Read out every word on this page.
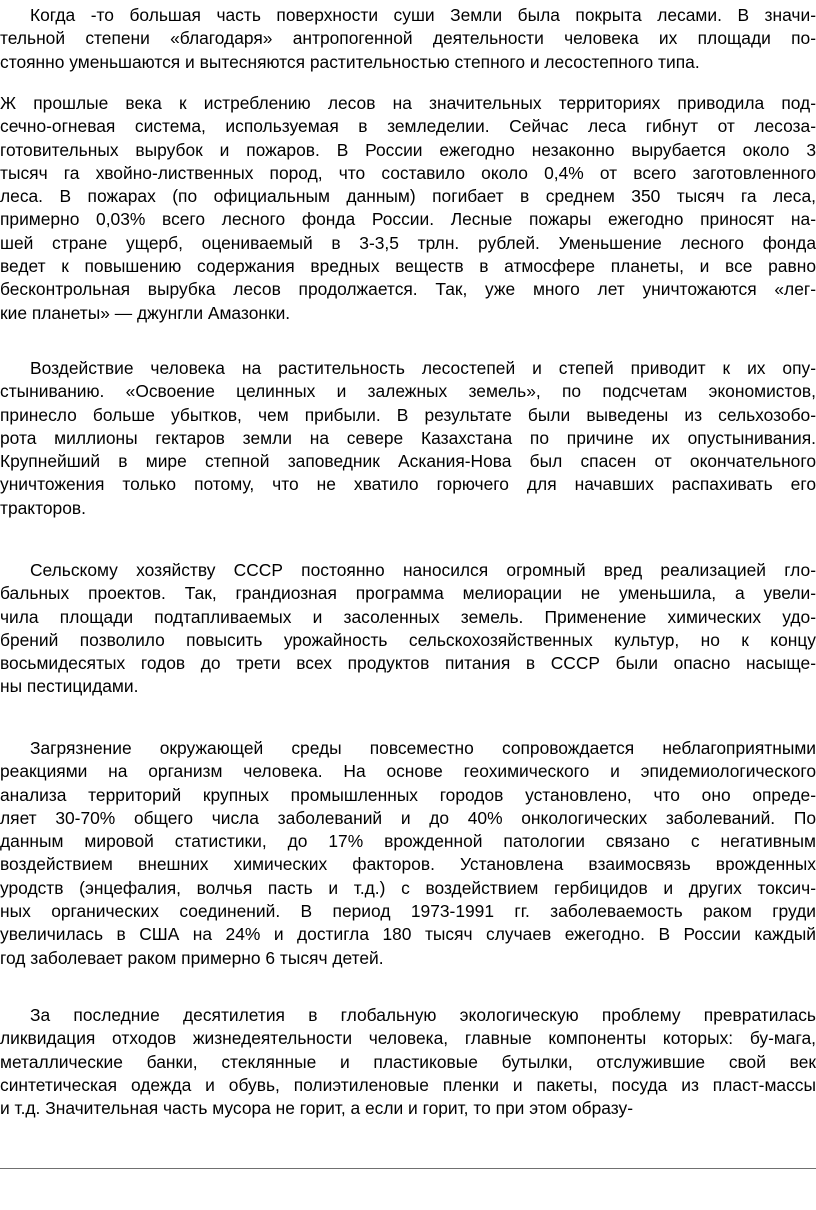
Когда -то большая часть поверхности суши Земли была покрыта лесами. В значи-
тельной степени «благодаря» антропогенной деятельности человека их площади по-
стоянно уменьшаются и вытесняются растительностью степного и лесостепного типа.
Ж прошлые века к истреблению лесов на значительных территориях приводила под-
сечно-огневая система, используемая в земледелии. Сейчас леса гибнут от лесоза-
готовительных вырубок и пожаров. В России ежегодно незаконно вырубается около 3
тысяч га хвойно-лиственных пород, что составило около 0,4% от всего заготовленного
леса. В пожарах (по официальным данным) погибает в среднем 350 тысяч га леса,
примерно 0,03% всего лесного фонда России. Лесные пожары ежегодно приносят на-
шей стране ущерб, оцениваемый в 3-3,5 трлн. рублей. Уменьшение лесного фонда
ведет к повышению содержания вредных веществ в атмосфере планеты, и все равно
бесконтрольная вырубка лесов продолжается. Так, уже много лет уничтожаются «лег-
кие планеты» — джунгли Амазонки.
Воздействие человека на растительность лесостепей и степей приводит к их опу-
стыниванию. «Освоение целинных и залежных земель», по подсчетам экономистов,
принесло больше убытков, чем прибыли. В результате были выведены из сельхозобо-
рота миллионы гектаров земли на севере Казахстана по причине их опустынивания.
Крупнейший в мире степной заповедник Аскания-Нова был спасен от окончательного
уничтожения только потому, что не хватило горючего для начавших распахивать его
тракторов.
Сельскому хозяйству СССР постоянно наносился огромный вред реализацией гло-
бальных проектов. Так, грандиозная программа мелиорации не уменьшила, а увели-
чила площади подтапливаемых и засоленных земель. Применение химических удо-
брений позволило повысить урожайность сельскохозяйственных культур, но к концу
восьмидесятых годов до трети всех продуктов питания в СССР были опасно насыще-
ны пестицидами.
Загрязнение окружающей среды повсеместно сопровождается неблагоприятными
реакциями на организм человека. На основе геохимического и эпидемиологического
анализа территорий крупных промышленных городов установлено, что оно опреде-
ляет 30-70% общего числа заболеваний и до 40% онкологических заболеваний. По
данным мировой статистики, до 17% врожденной патологии связано с негативным
воздействием внешних химических факторов. Установлена взаимосвязь врожденных
уродств (энцефалия, волчья пасть и т.д.) с воздействием гербицидов и других токсич-
ных органических соединений. В период 1973-1991 гг. заболеваемость раком груди
увеличилась в США на 24% и достигла 180 тысяч случаев ежегодно. В России каждый
год заболевает раком примерно 6 тысяч детей.
За последние десятилетия в глобальную экологическую проблему превратилась
ликвидация отходов жизнедеятельности человека, главные компоненты которых: бу-мага,
металлические банки, стеклянные и пластиковые бутылки, отслужившие свой век
синтетическая одежда и обувь, полиэтиленовые пленки и пакеты, посуда из пласт-массы
и т.д. Значительная часть мусора не горит, а если и горит, то при этом образу-
